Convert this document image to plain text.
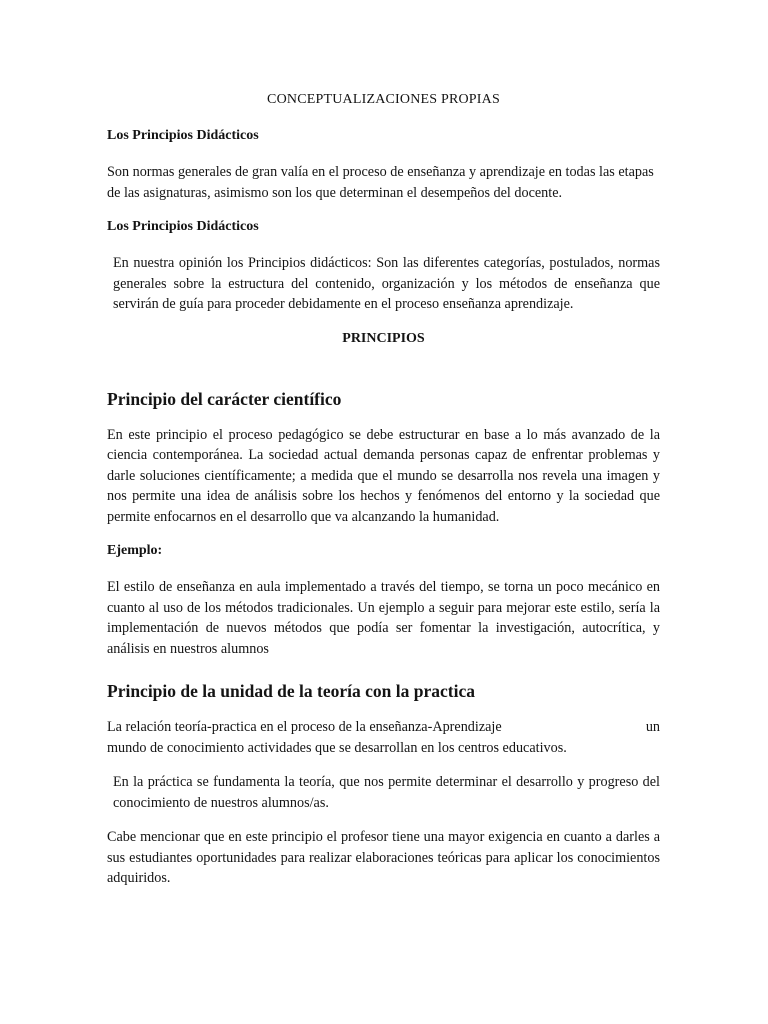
CONCEPTUALIZACIONES PROPIAS
Los Principios Didácticos
Son normas generales de gran valía en el proceso de enseñanza y aprendizaje en todas las etapas de las asignaturas, asimismo son los que determinan el desempeños del docente.
Los Principios Didácticos
En nuestra opinión los Principios didácticos: Son las diferentes categorías, postulados, normas generales sobre la estructura del contenido, organización y los métodos de enseñanza que servirán de guía para proceder debidamente en el proceso enseñanza aprendizaje.
PRINCIPIOS
Principio del carácter científico
En este principio el proceso pedagógico se debe estructurar en base a lo más avanzado de la ciencia contemporánea. La sociedad actual demanda personas capaz de enfrentar problemas y darle soluciones científicamente; a medida que el mundo se desarrolla nos revela una imagen y nos permite una idea de análisis sobre los hechos y fenómenos del entorno y la sociedad que permite enfocarnos en el desarrollo que va alcanzando la humanidad.
Ejemplo:
El estilo de enseñanza en aula implementado a través del tiempo, se torna un poco mecánico en cuanto al uso de los métodos tradicionales. Un ejemplo a seguir para mejorar este estilo, sería la implementación de nuevos métodos que podía ser fomentar la investigación, autocrítica, y análisis en nuestros alumnos
Principio de la unidad de la teoría con la practica
La relación teoría-practica en el proceso de la enseñanza-Aprendizaje	un
mundo de conocimiento actividades que se desarrollan en los centros educativos.
En la práctica se fundamenta la teoría, que nos permite determinar el desarrollo y progreso del conocimiento de nuestros alumnos/as.
Cabe mencionar que en este principio el profesor tiene una mayor exigencia en cuanto a darles a sus estudiantes oportunidades para realizar elaboraciones teóricas para aplicar los conocimientos adquiridos.
